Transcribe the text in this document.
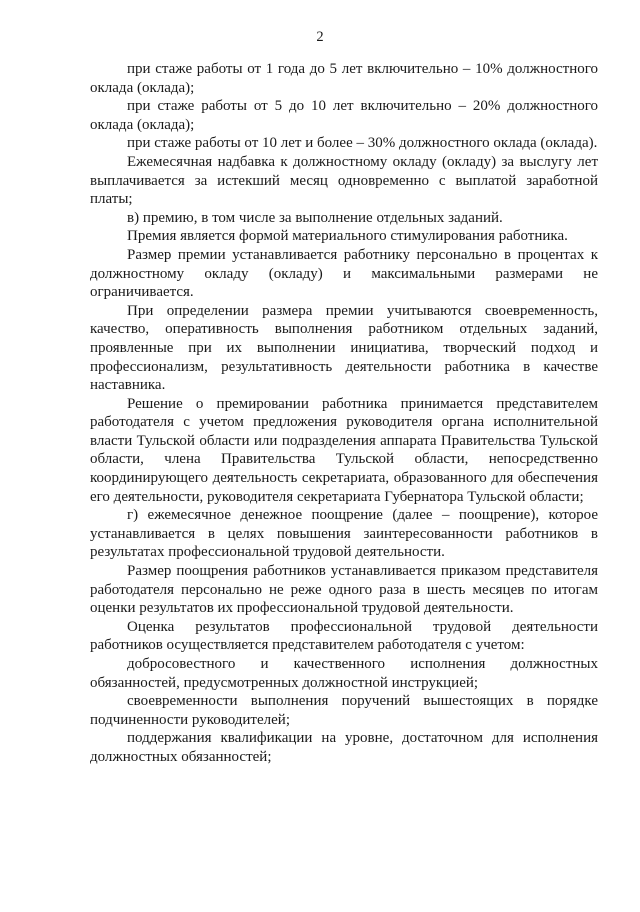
2

при стаже работы от 1 года до 5 лет включительно – 10% должностного оклада (оклада);

при стаже работы от 5 до 10 лет включительно – 20% должностного оклада (оклада);

при стаже работы от 10 лет и более – 30% должностного оклада (оклада).

Ежемесячная надбавка к должностному окладу (окладу) за выслугу лет выплачивается за истекший месяц одновременно с выплатой заработной платы;

в) премию, в том числе за выполнение отдельных заданий.

Премия является формой материального стимулирования работника.

Размер премии устанавливается работнику персонально в процентах к должностному окладу (окладу) и максимальными размерами не ограничивается.

При определении размера премии учитываются своевременность, качество, оперативность выполнения работником отдельных заданий, проявленные при их выполнении инициатива, творческий подход и профессионализм, результативность деятельности работника в качестве наставника.

Решение о премировании работника принимается представителем работодателя с учетом предложения руководителя органа исполнительной власти Тульской области или подразделения аппарата Правительства Тульской области, члена Правительства Тульской области, непосредственно координирующего деятельность секретариата, образованного для обеспечения его деятельности, руководителя секретариата Губернатора Тульской области;

г) ежемесячное денежное поощрение (далее – поощрение), которое устанавливается в целях повышения заинтересованности работников в результатах профессиональной трудовой деятельности.

Размер поощрения работников устанавливается приказом представителя работодателя персонально не реже одного раза в шесть месяцев по итогам оценки результатов их профессиональной трудовой деятельности.

Оценка результатов профессиональной трудовой деятельности работников осуществляется представителем работодателя с учетом:

добросовестного и качественного исполнения должностных обязанностей, предусмотренных должностной инструкцией;

своевременности выполнения поручений вышестоящих в порядке подчиненности руководителей;

поддержания квалификации на уровне, достаточном для исполнения должностных обязанностей;
